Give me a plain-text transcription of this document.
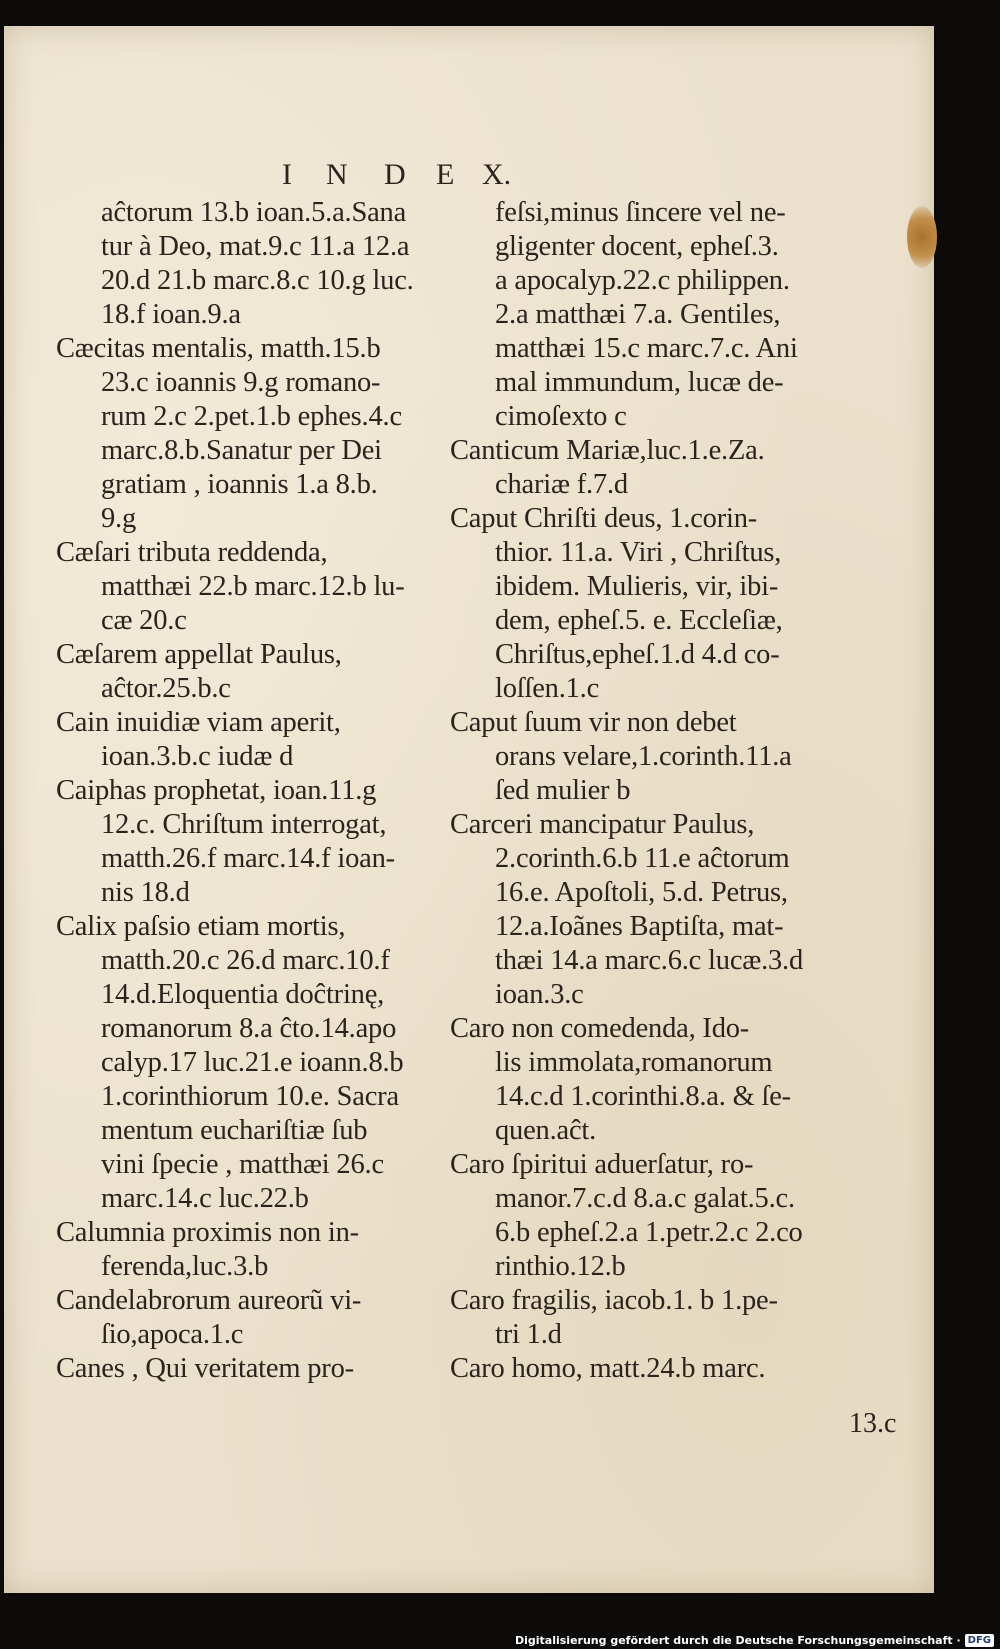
I N D E X.
aĉtorum 13.b ioan.5.a.Sana
tur à Deo, mat.9.c 11.a 12.a
20.d 21.b marc.8.c 10.g luc.
18.f ioan.9.a
Cæcitas mentalis, matth.15.b
23.c ioannis 9.g romano-
rum 2.c 2.pet.1.b ephes.4.c
marc.8.b.Sanatur per Dei
gratiam , ioannis 1.a 8.b.
9.g
Cæſari tributa reddenda,
matthæi 22.b marc.12.b lu-
cæ 20.c
Cæſarem appellat Paulus,
aĉtor.25.b.c
Cain inuidiæ viam aperit,
ioan.3.b.c iudæ d
Caiphas prophetat, ioan.11.g
12.c. Chriſtum interrogat,
matth.26.f marc.14.f ioan-
nis 18.d
Calix paſsio etiam mortis,
matth.20.c 26.d marc.10.f
14.d.Eloquentia doĉtrinę,
romanorum 8.a ĉto.14.apo
calyp.17 luc.21.e ioann.8.b
1.corinthiorum 10.e. Sacra
mentum euchariſtiæ ſub
vini ſpecie , matthæi 26.c
marc.14.c luc.22.b
Calumnia proximis non in-
ferenda,luc.3.b
Candelabrorum aureorũ vi-
ſio,apoca.1.c
Canes , Qui veritatem pro-
feſsi,minus ſincere vel ne-
gligenter docent, epheſ.3.
a apocalyp.22.c philippen.
2.a matthæi 7.a. Gentiles,
matthæi 15.c marc.7.c. Ani
mal immundum, lucæ de-
cimoſexto c
Canticum Mariæ,luc.1.e.Za.
chariæ f.7.d
Caput Chriſti deus, 1.corin-
thior. 11.a. Viri , Chriſtus,
ibidem. Mulieris, vir, ibi-
dem, epheſ.5. e. Eccleſiæ,
Chriſtus,epheſ.1.d 4.d co-
loſſen.1.c
Caput ſuum vir non debet
orans velare,1.corinth.11.a
ſed mulier b
Carceri mancipatur Paulus,
2.corinth.6.b 11.e aĉtorum
16.e. Apoſtoli, 5.d. Petrus,
12.a.Ioãnes Baptiſta, mat-
thæi 14.a marc.6.c lucæ.3.d
ioan.3.c
Caro non comedenda, Ido-
lis immolata,romanorum
14.c.d 1.corinthi.8.a. & ſe-
quen.aĉt.
Caro ſpiritui aduerſatur, ro-
manor.7.c.d 8.a.c galat.5.c.
6.b epheſ.2.a 1.petr.2.c 2.co
rinthio.12.b
Caro fragilis, iacob.1. b 1.pe-
tri 1.d
Caro homo, matt.24.b marc.
13.c
Digitalisierung gefördert durch die Deutsche Forschungsgemeinschaft · DFG
